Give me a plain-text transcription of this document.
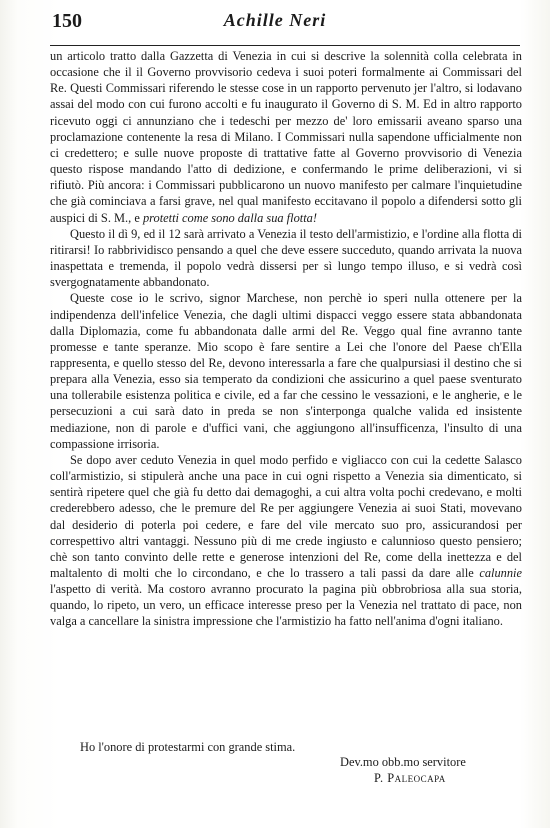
150	Achille Neri

un articolo tratto dalla Gazzetta di Venezia in cui si descrive la solennità colla celebrata in occasione che il il Governo provvisorio cedeva i suoi poteri formalmente ai Commissari del Re. Questi Commissari riferendo le stesse cose in un rapporto pervenuto jer l'altro, si lodavano assai del modo con cui furono accolti e fu inaugurato il Governo di S. M. Ed in altro rapporto ricevuto oggi ci annunziano che i tedeschi per mezzo de' loro emissarii aveano sparso una proclamazione contenente la resa di Milano. I Commissari nulla sapendone ufficialmente non ci credettero; e sulle nuove proposte di trattative fatte al Governo provvisorio di Venezia questo rispose mandando l'atto di dedizione, e confermando le prime deliberazioni, vi si rifiutò. Più ancora: i Commissari pubblicarono un nuovo manifesto per calmare l'inquietudine che già cominciava a farsi grave, nel qual manifesto eccitavano il popolo a difendersi sotto gli auspici di S. M., e protetti come sono dalla sua flotta!

Questo il dì 9, ed il 12 sarà arrivato a Venezia il testo dell'armistizio, e l'ordine alla flotta di ritirarsi! Io rabbrividisco pensando a quel che deve essere succeduto, quando arrivata la nuova inaspettata e tremenda, il popolo vedrà dissersi per sì lungo tempo illuso, e si vedrà così svergognatamente abbandonato.

Queste cose io le scrivo, signor Marchese, non perchè io speri nulla ottenere per la indipendenza dell'infelice Venezia, che dagli ultimi dispacci veggo essere stata abbandonata dalla Diplomazia, come fu abbandonata dalle armi del Re. Veggo qual fine avranno tante promesse e tante speranze. Mio scopo è fare sentire a Lei che l'onore del Paese ch'Ella rappresenta, e quello stesso del Re, devono interessarla a fare che qualpursiasi il destino che si prepara alla Venezia, esso sia temperato da condizioni che assicurino a quel paese sventurato una tollerabile esistenza politica e civile, ed a far che cessino le vessazioni, e le angherie, e le persecuzioni a cui sarà dato in preda se non s'interponga qualche valida ed insistente mediazione, non di parole e d'uffici vani, che aggiungono all'insufficenza, l'insulto di una compassione irrisoria.

Se dopo aver ceduto Venezia in quel modo perfido e vigliacco con cui la cedette Salasco coll'armistizio, si stipulerà anche una pace in cui ogni rispetto a Venezia sia dimenticato, si sentirà ripetere quel che già fu detto dai demagoghi, a cui altra volta pochi credevano, e molti crederebbero adesso, che le premure del Re per aggiungere Venezia ai suoi Stati, movevano dal desiderio di poterla poi cedere, e fare del vile mercato suo pro, assicurandosi per correspettivo altri vantaggi. Nessuno più di me crede ingiusto e calunnioso questo pensiero; chè son tanto convinto delle rette e generose intenzioni del Re, come della inettezza e del maltalento di molti che lo circondano, e che lo trassero a tali passi da dare alle calunnie l'aspetto di verità. Ma costoro avranno procurato la pagina più obbrobriosa alla sua storia, quando, lo ripeto, un vero, un efficace interesse preso per la Venezia nel trattato di pace, non valga a cancellare la sinistra impressione che l'armistizio ha fatto nell'anima d'ogni italiano.

Ho l'onore di protestarmi con grande stima.
Dev.mo obb.mo servitore
P. Paleocapa
